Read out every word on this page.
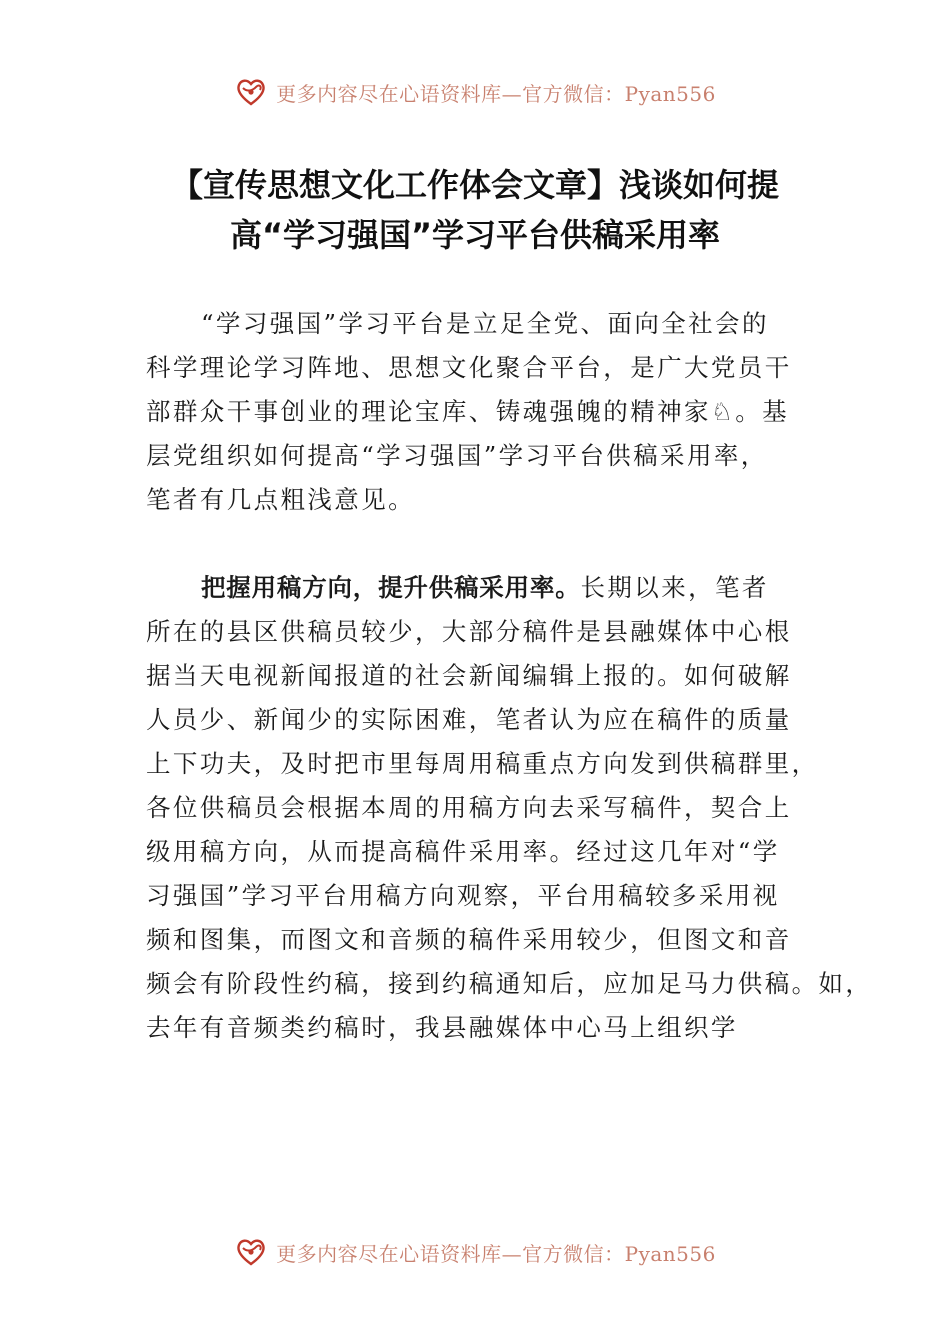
更多内容尽在心语资料库—官方微信：Pyan556
【宣传思想文化工作体会文章】浅谈如何提
高“学习强国”学习平台供稿采用率
“学习强国”学习平台是立足全党、面向全社会的
科学理论学习阵地、思想文化聚合平台，是广大党员干
部群众干事创业的理论宝库、铸魂强魄的精神家♘。基
层党组织如何提高“学习强国”学习平台供稿采用率，
笔者有几点粗浅意见。
把握用稿方向，提升供稿采用率。长期以来，笔者
所在的县区供稿员较少，大部分稿件是县融媒体中心根
据当天电视新闻报道的社会新闻编辑上报的。如何破解
人员少、新闻少的实际困难，笔者认为应在稿件的质量
上下功夫，及时把市里每周用稿重点方向发到供稿群里，
各位供稿员会根据本周的用稿方向去采写稿件，契合上
级用稿方向，从而提高稿件采用率。经过这几年对“学
习强国”学习平台用稿方向观察，平台用稿较多采用视
频和图集，而图文和音频的稿件采用较少，但图文和音
频会有阶段性约稿，接到约稿通知后，应加足马力供稿。如，
去年有音频类约稿时，我县融媒体中心马上组织学
更多内容尽在心语资料库—官方微信：Pyan556
